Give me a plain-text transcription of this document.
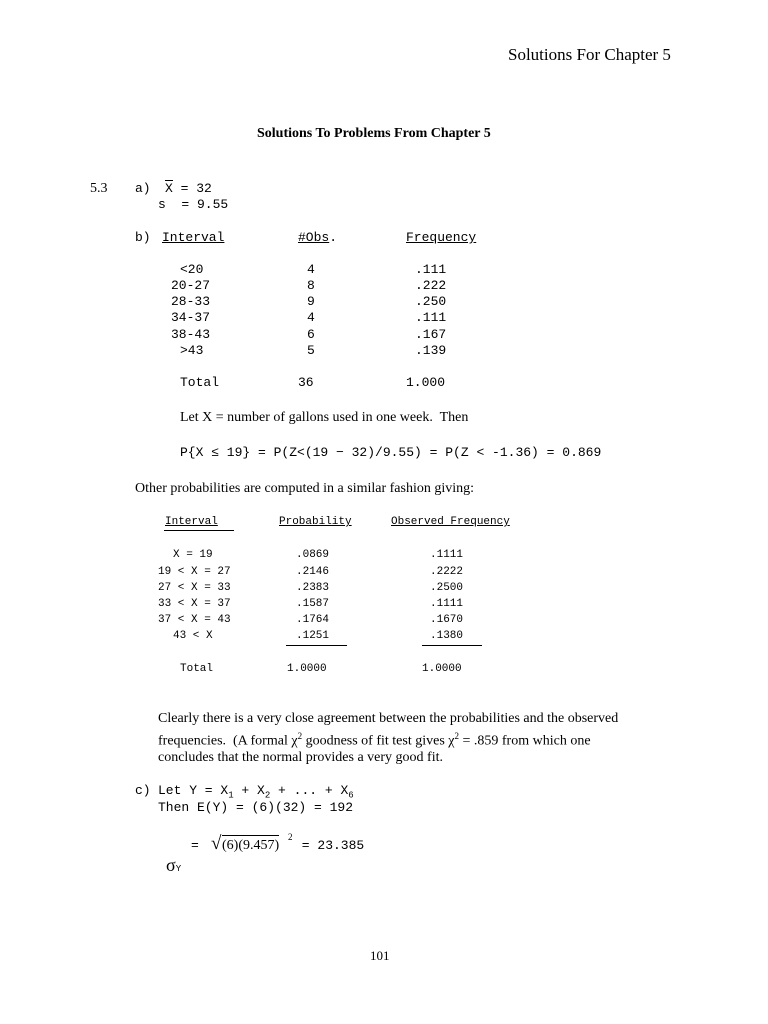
Solutions For Chapter 5
Solutions To Problems From Chapter 5
5.3 a) X = 32
s  = 9.55
b) Interval	#Obs.	Frequency
<20	4	.111
20-27	8	.222
28-33	9	.250
34-37	4	.111
38-43	6	.167
>43	5	.139
Total	36	1.000
Let X = number of gallons used in one week.  Then
P{X ≤ 19} = P(Z<(19 − 32)/9.55) = P(Z < -1.36) = 0.869
Other probabilities are computed in a similar fashion giving:
Interval	Probability	Observed Frequency
X = 19	.0869	.1111
19 < X = 27	.2146	.2222
27 < X = 33	.2383	.2500
33 < X = 37	.1587	.1111
37 < X = 43	.1764	.1670
43 < X	.1251	.1380
Total	1.0000	1.0000
Clearly there is a very close agreement between the probabilities and the observed
frequencies.  (A formal $\chi^2$ goodness of fit test gives $\chi^2 = .859$ from which one
concludes that the normal provides a very good fit.
c) Let $Y = X_1 + X_2$ + ... + $X_6$
Then E(Y) = (6)(32) = 192

σY

= √ (6)(9.457)
2
= 23.385
101
